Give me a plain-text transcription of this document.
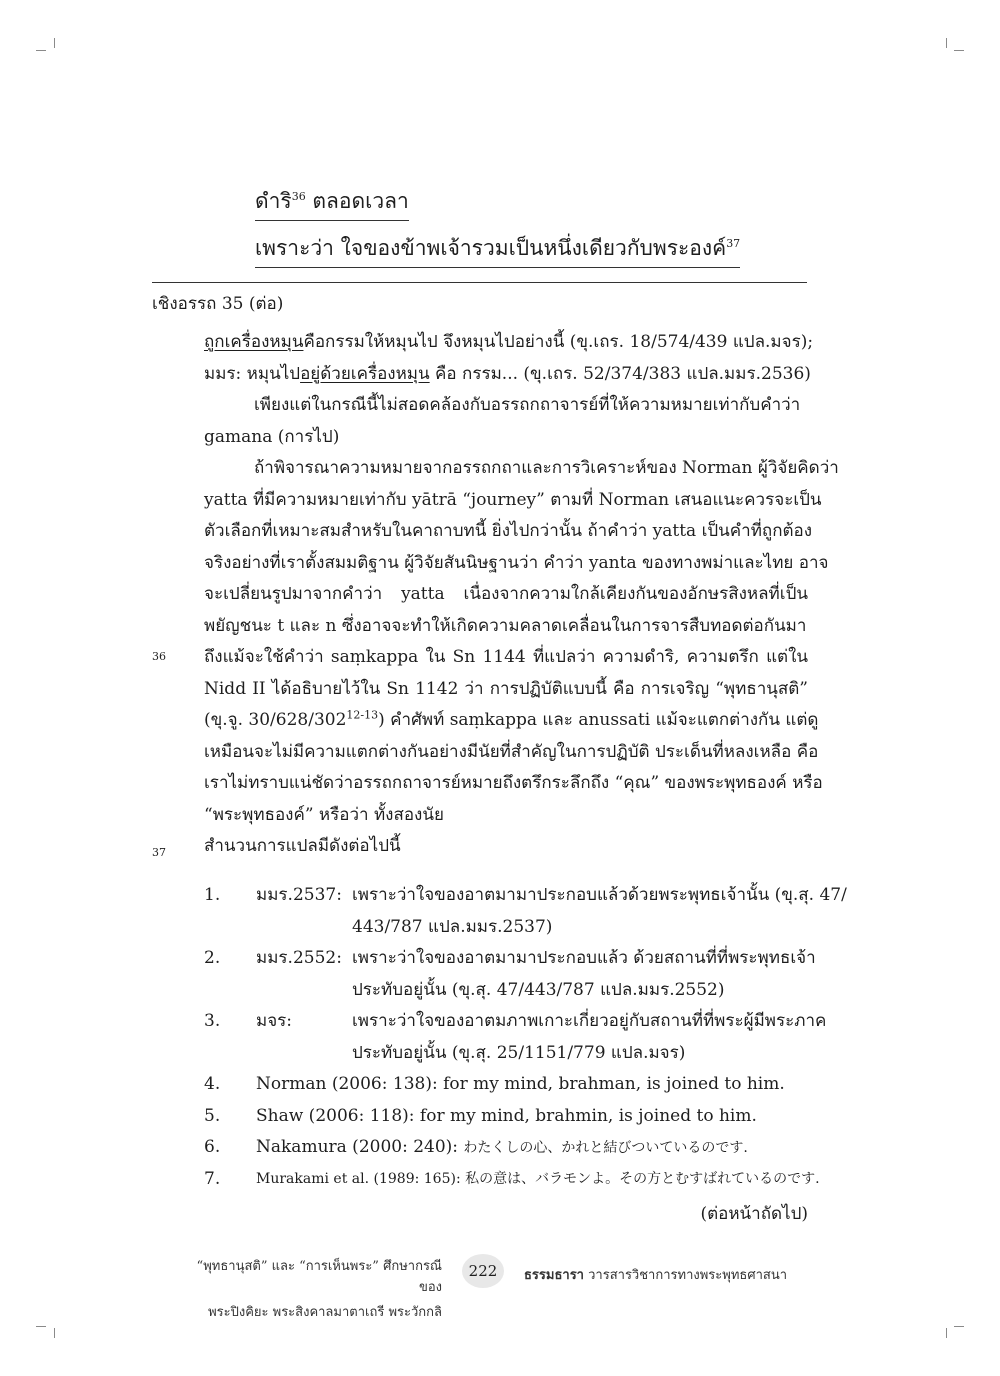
ดำริ$^{36}$ ตลอดเวลา
เพราะว่า ใจของข้าพเจ้ารวมเป็นหนึ่งเดียวกับพระองค์$^{37}$
เชิงอรรถ 35 (ต่อ)
36
37
ถูกเครื่องหมุนคือกรรมให้หมุนไป จึงหมุนไปอย่างนี้ (ขุ.เถร. 18/574/439 แปล.มจร);
มมร: หมุนไปอยู่ด้วยเครื่องหมุน คือ กรรม... (ขุ.เถร. 52/374/383 แปล.มมร.2536)
เพียงแต่ในกรณีนี้ไม่สอดคล้องกับอรรถกถาจารย์ที่ให้ความหมายเท่ากับคำว่า
gamana (การไป)
ถ้าพิจารณาความหมายจากอรรถกถาและการวิเคราะห์ของ Norman ผู้วิจัยคิดว่า
yatta ที่มีความหมายเท่ากับ yātrā “journey” ตามที่ Norman เสนอแนะควรจะเป็น
ตัวเลือกที่เหมาะสมสำหรับในคาถาบทนี้ ยิ่งไปกว่านั้น ถ้าคำว่า yatta เป็นคำที่ถูกต้อง
จริงอย่างที่เราตั้งสมมติฐาน ผู้วิจัยสันนิษฐานว่า คำว่า yanta ของทางพม่าและไทย อาจ
จะเปลี่ยนรูปมาจากคำว่า yatta เนื่องจากความใกล้เคียงกันของอักษรสิงหลที่เป็น
พยัญชนะ t และ n ซึ่งอาจจะทำให้เกิดความคลาดเคลื่อนในการจารสืบทอดต่อกันมา
ถึงแม้จะใช้คำว่า saṃkappa ใน Sn 1144 ที่แปลว่า ความดำริ, ความตรึก แต่ใน
Nidd II ได้อธิบายไว้ใน Sn 1142 ว่า การปฏิบัติแบบนี้ คือ การเจริญ “พุทธานุสติ”
(ขุ.จู. 30/628/302$^{12-13}$) คำศัพท์ saṃkappa และ anussati แม้จะแตกต่างกัน แต่ดู
เหมือนจะไม่มีความแตกต่างกันอย่างมีนัยที่สำคัญในการปฏิบัติ ประเด็นที่หลงเหลือ คือ
เราไม่ทราบแน่ชัดว่าอรรถกถาจารย์หมายถึงตรึกระลึกถึง “คุณ” ของพระพุทธองค์ หรือ
“พระพุทธองค์” หรือว่า ทั้งสองนัย
สำนวนการแปลมีดังต่อไปนี้
1.	มมร.2537: เพราะว่าใจของอาตมามาประกอบแล้วด้วยพระพุทธเจ้านั้น (ขุ.สุ. 47/
443/787 แปล.มมร.2537)
2.	มมร.2552: เพราะว่าใจของอาตมามาประกอบแล้ว ด้วยสถานที่ที่พระพุทธเจ้า
ประทับอยู่นั้น (ขุ.สุ. 47/443/787 แปล.มมร.2552)
3.	มจร:	เพราะว่าใจของอาตมภาพเกาะเกี่ยวอยู่กับสถานที่ที่พระผู้มีพระภาค
ประทับอยู่นั้น (ขุ.สุ. 25/1151/779 แปล.มจร)
4.	Norman (2006: 138): for my mind, brahman, is joined to him.
5.	Shaw (2006: 118): for my mind, brahmin, is joined to him.
6.	Nakamura (2000: 240): わたくしの心、かれと結びついているのです.
7.	Murakami et al. (1989: 165): 私の意は、バラモンよ。その方とむすばれているのです.
(ต่อหน้าถัดไป)
“พุทธานุสติ” และ “การเห็นพระ” ศึกษากรณีของ
พระปิงคิยะ พระสิงคาลมาตาเถรี พระวักกลิ
222	ธรรมธารา วารสารวิชาการทางพระพุทธศาสนา
